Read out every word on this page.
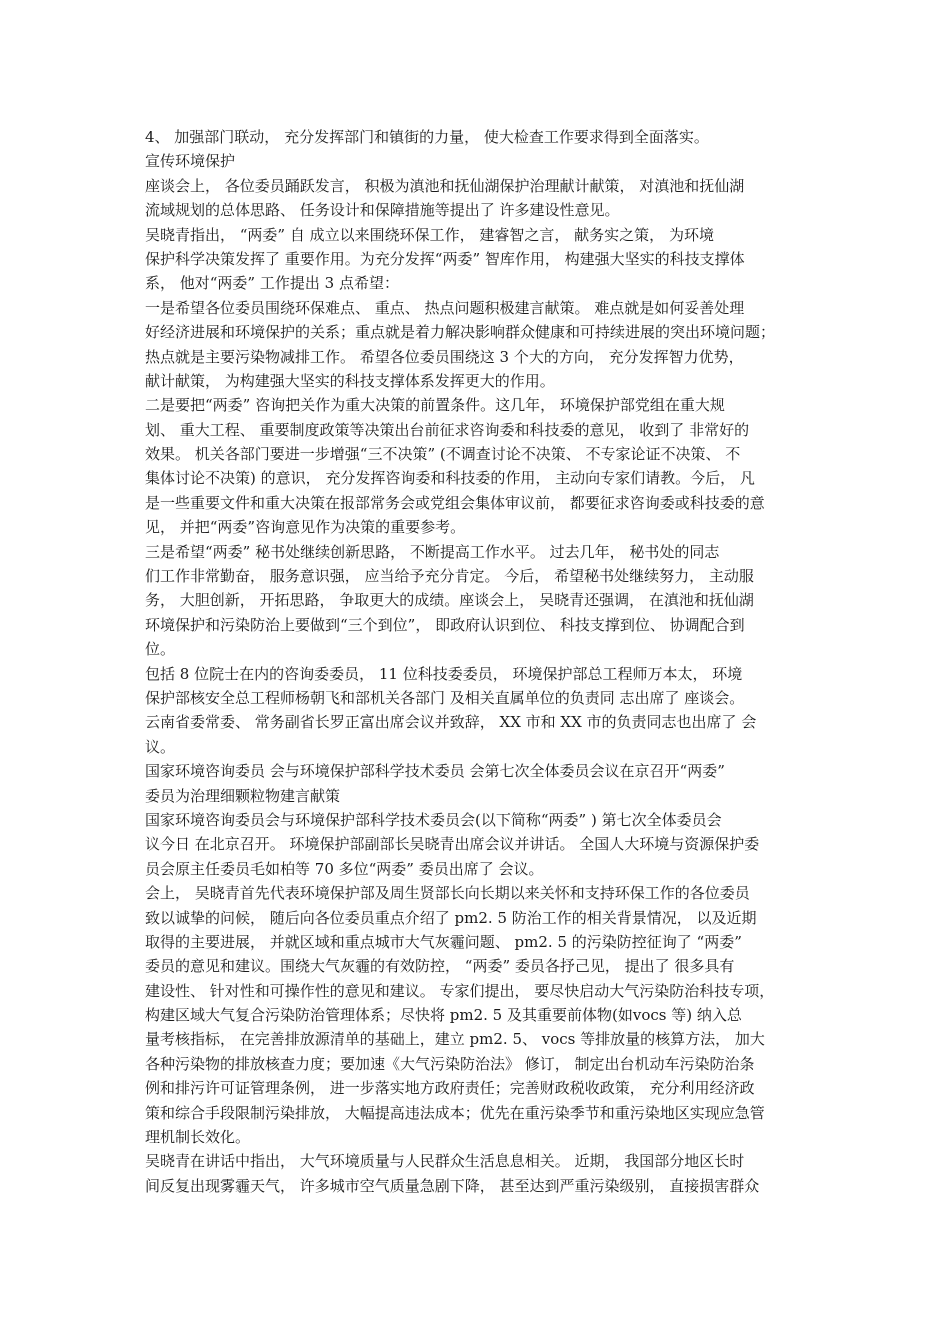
4、 加强部门联动， 充分发挥部门和镇街的力量， 使大检查工作要求得到全面落实。
宣传环境保护
座谈会上， 各位委员踊跃发言， 积极为滇池和抚仙湖保护治理献计献策， 对滇池和抚仙湖
流域规划的总体思路、 任务设计和保障措施等提出了 许多建设性意见。
吴晓青指出， “两委” 自 成立以来围绕环保工作， 建睿智之言， 献务实之策， 为环境
保护科学决策发挥了 重要作用。为充分发挥“两委” 智库作用， 构建强大坚实的科技支撑体
系， 他对“两委” 工作提出 3 点希望：
一是希望各位委员围绕环保难点、 重点、 热点问题积极建言献策。 难点就是如何妥善处理
好经济进展和环境保护的关系；重点就是着力解决影响群众健康和可持续进展的突出环境问题；
热点就是主要污染物减排工作。 希望各位委员围绕这 3 个大的方向， 充分发挥智力优势，
献计献策， 为构建强大坚实的科技支撑体系发挥更大的作用。
二是要把“两委” 咨询把关作为重大决策的前置条件。这几年， 环境保护部党组在重大规
划、 重大工程、 重要制度政策等决策出台前征求咨询委和科技委的意见， 收到了 非常好的
效果。 机关各部门要进一步增强“三不决策” (不调查讨论不决策、 不专家论证不决策、 不
集体讨论不决策) 的意识， 充分发挥咨询委和科技委的作用， 主动向专家们请教。今后， 凡
是一些重要文件和重大决策在报部常务会或党组会集体审议前， 都要征求咨询委或科技委的意
见， 并把“两委”咨询意见作为决策的重要参考。
三是希望“两委” 秘书处继续创新思路， 不断提高工作水平。 过去几年， 秘书处的同志
们工作非常勤奋， 服务意识强， 应当给予充分肯定。 今后， 希望秘书处继续努力， 主动服
务， 大胆创新， 开拓思路， 争取更大的成绩。座谈会上， 吴晓青还强调， 在滇池和抚仙湖
环境保护和污染防治上要做到“三个到位”， 即政府认识到位、 科技支撑到位、 协调配合到
位。
包括 8 位院士在内的咨询委委员， 11 位科技委委员， 环境保护部总工程师万本太， 环境
保护部核安全总工程师杨朝飞和部机关各部门 及相关直属单位的负责同 志出席了 座谈会。
云南省委常委、 常务副省长罗正富出席会议并致辞， XX 市和 XX 市的负责同志也出席了 会
议。
国家环境咨询委员 会与环境保护部科学技术委员 会第七次全体委员会议在京召开“两委”
委员为治理细颗粒物建言献策
国家环境咨询委员会与环境保护部科学技术委员会(以下简称“两委” ) 第七次全体委员会
议今日 在北京召开。 环境保护部副部长吴晓青出席会议并讲话。 全国人大环境与资源保护委
员会原主任委员毛如柏等 70 多位“两委” 委员出席了 会议。
会上， 吴晓青首先代表环境保护部及周生贤部长向长期以来关怀和支持环保工作的各位委员
致以诚挚的问候， 随后向各位委员重点介绍了 pm2. 5 防治工作的相关背景情况， 以及近期
取得的主要进展， 并就区域和重点城市大气灰霾问题、 pm2. 5 的污染防控征询了 “两委”
委员的意见和建议。围绕大气灰霾的有效防控， “两委” 委员各抒己见， 提出了 很多具有
建设性、 针对性和可操作性的意见和建议。 专家们提出， 要尽快启动大气污染防治科技专项，
构建区域大气复合污染防治管理体系；尽快将 pm2. 5 及其重要前体物(如vocs 等) 纳入总
量考核指标， 在完善排放源清单的基础上，建立 pm2. 5、 vocs 等排放量的核算方法， 加大
各种污染物的排放核查力度；要加速《大气污染防治法》 修订， 制定出台机动车污染防治条
例和排污许可证管理条例， 进一步落实地方政府责任；完善财政税收政策， 充分利用经济政
策和综合手段限制污染排放， 大幅提高违法成本；优先在重污染季节和重污染地区实现应急管
理机制长效化。
吴晓青在讲话中指出， 大气环境质量与人民群众生活息息相关。 近期， 我国部分地区长时
间反复出现雾霾天气， 许多城市空气质量急剧下降， 甚至达到严重污染级别， 直接损害群众
